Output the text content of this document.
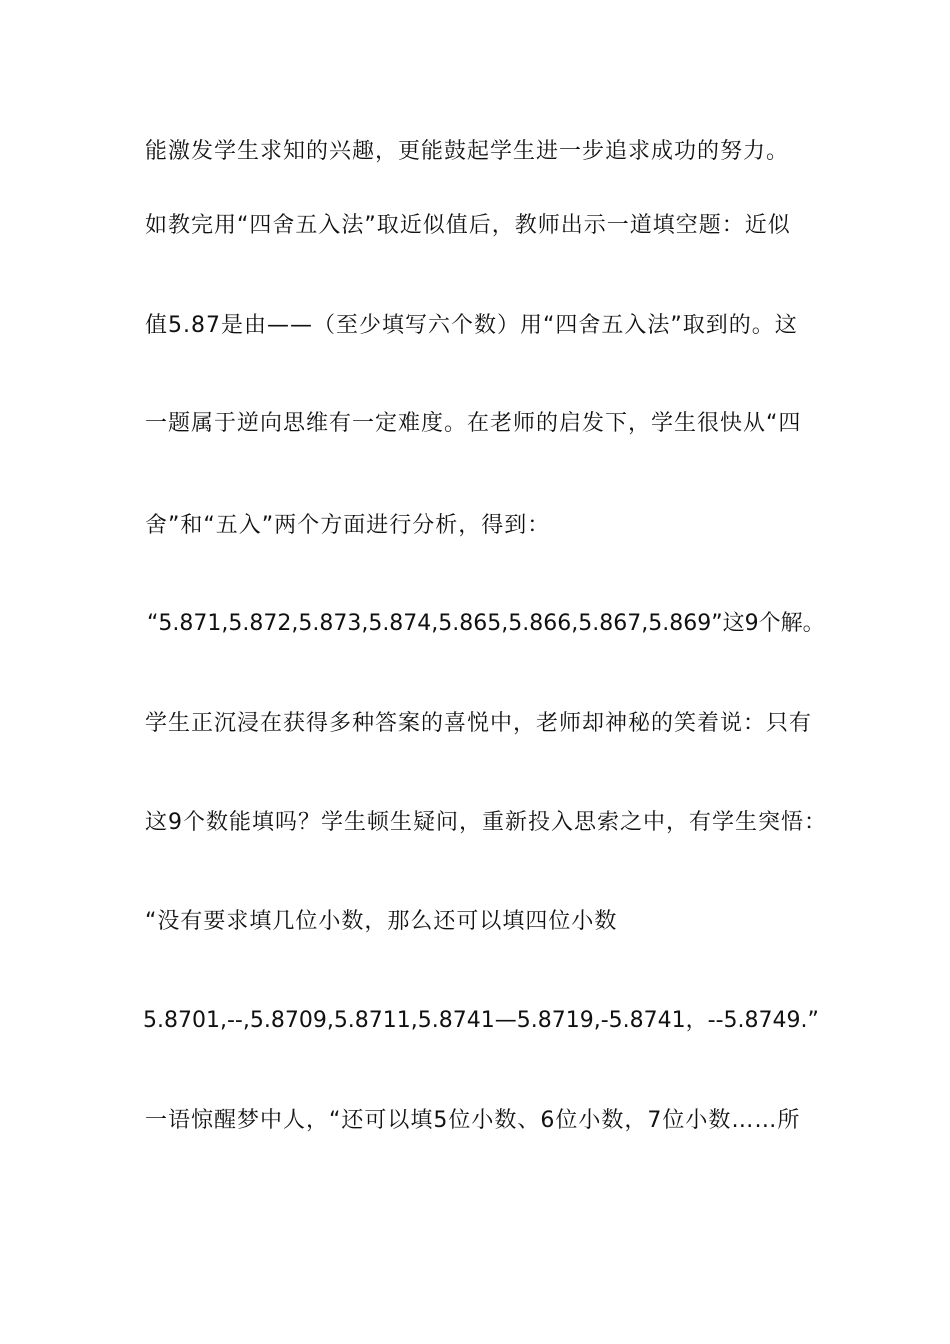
能激发学生求知的兴趣，更能鼓起学生进一步追求成功的努力。
如教完用“四舍五入法”取近似值后，教师出示一道填空题：近似
值5.87是由——（至少填写六个数）用“四舍五入法”取到的。这
一题属于逆向思维有一定难度。在老师的启发下，学生很快从“四
舍”和“五入”两个方面进行分析，得到：
“5.871,5.872,5.873,5.874,5.865,5.866,5.867,5.869”这9个解。
学生正沉浸在获得多种答案的喜悦中，老师却神秘的笑着说：只有
这9个数能填吗？学生顿生疑问，重新投入思索之中，有学生突悟：
“没有要求填几位小数，那么还可以填四位小数
5.8701,--,5.8709,5.8711,5.8741—5.8719,-5.8741，--5.8749.”
一语惊醒梦中人，“还可以填5位小数、6位小数，7位小数……所
